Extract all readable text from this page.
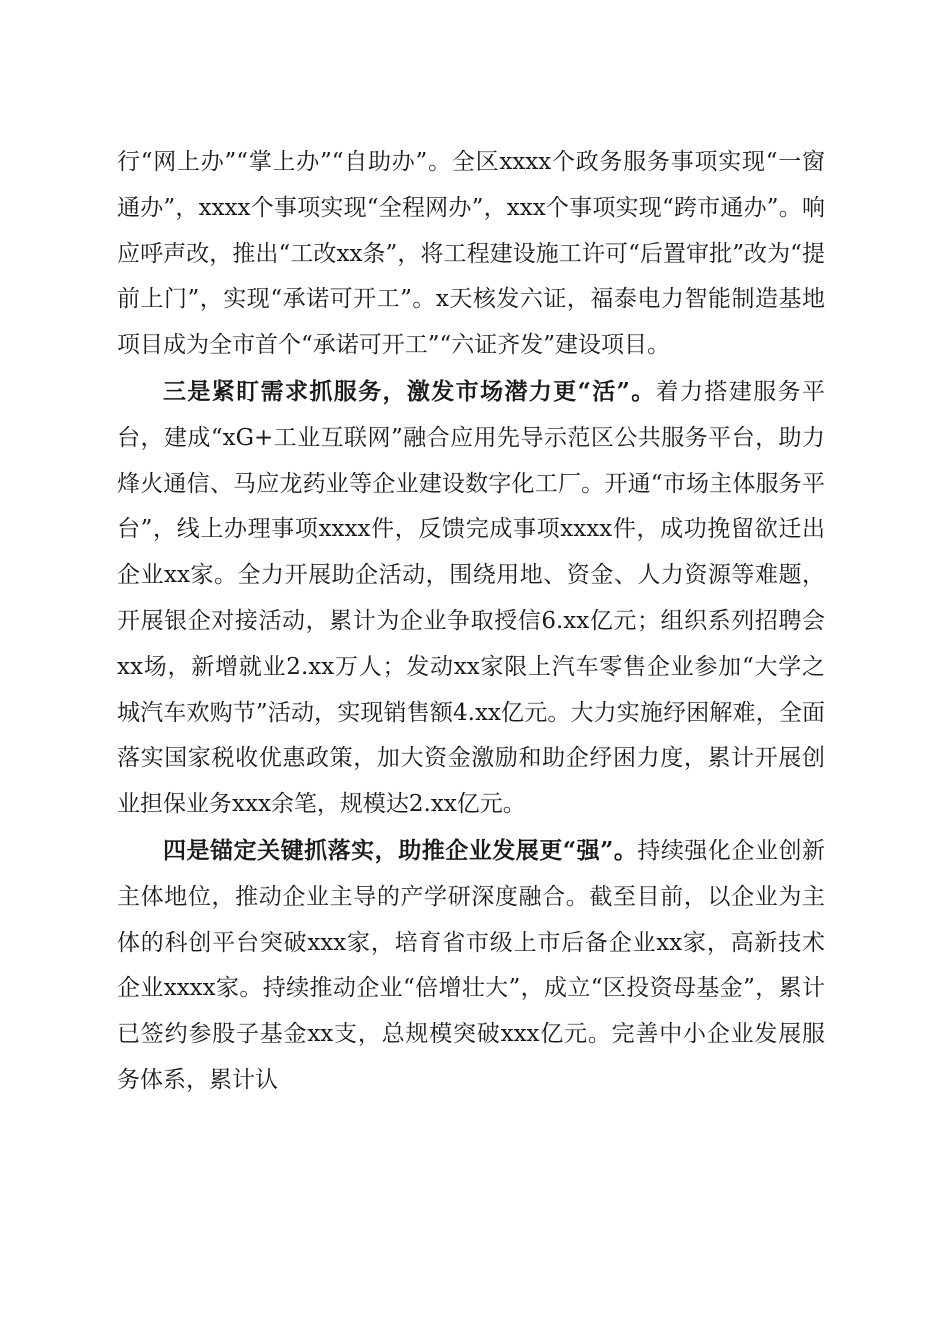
行“网上办”“掌上办”“自助办”。全区xxxx个政务服务事项实现“一窗通办”，xxxx个事项实现“全程网办”，xxx个事项实现“跨市通办”。响应呼声改，推出“工改xx条”，将工程建设施工许可“后置审批”改为“提前上门”，实现“承诺可开工”。x天核发六证，福泰电力智能制造基地项目成为全市首个“承诺可开工”“六证齐发”建设项目。

三是紧盯需求抓服务，激发市场潜力更“活”。着力搭建服务平台，建成“xG+工业互联网”融合应用先导示范区公共服务平台，助力烽火通信、马应龙药业等企业建设数字化工厂。开通“市场主体服务平台”，线上办理事项xxxx件，反馈完成事项xxxx件，成功挽留欲迁出企业xx家。全力开展助企活动，围绕用地、资金、人力资源等难题，开展银企对接活动，累计为企业争取授信6.xx亿元；组织系列招聘会xx场，新增就业2.xx万人；发动xx家限上汽车零售企业参加“大学之城汽车欢购节”活动，实现销售额4.xx亿元。大力实施纾困解难，全面落实国家税收优惠政策，加大资金激励和助企纾困力度，累计开展创业担保业务xxx余笔，规模达2.xx亿元。

四是锚定关键抓落实，助推企业发展更“强”。持续强化企业创新主体地位，推动企业主导的产学研深度融合。截至目前，以企业为主体的科创平台突破xxx家，培育省市级上市后备企业xx家，高新技术企业xxxx家。持续推动企业“倍增壮大”，成立“区投资母基金”，累计已签约参股子基金xx支，总规模突破xxx亿元。完善中小企业发展服务体系，累计认
